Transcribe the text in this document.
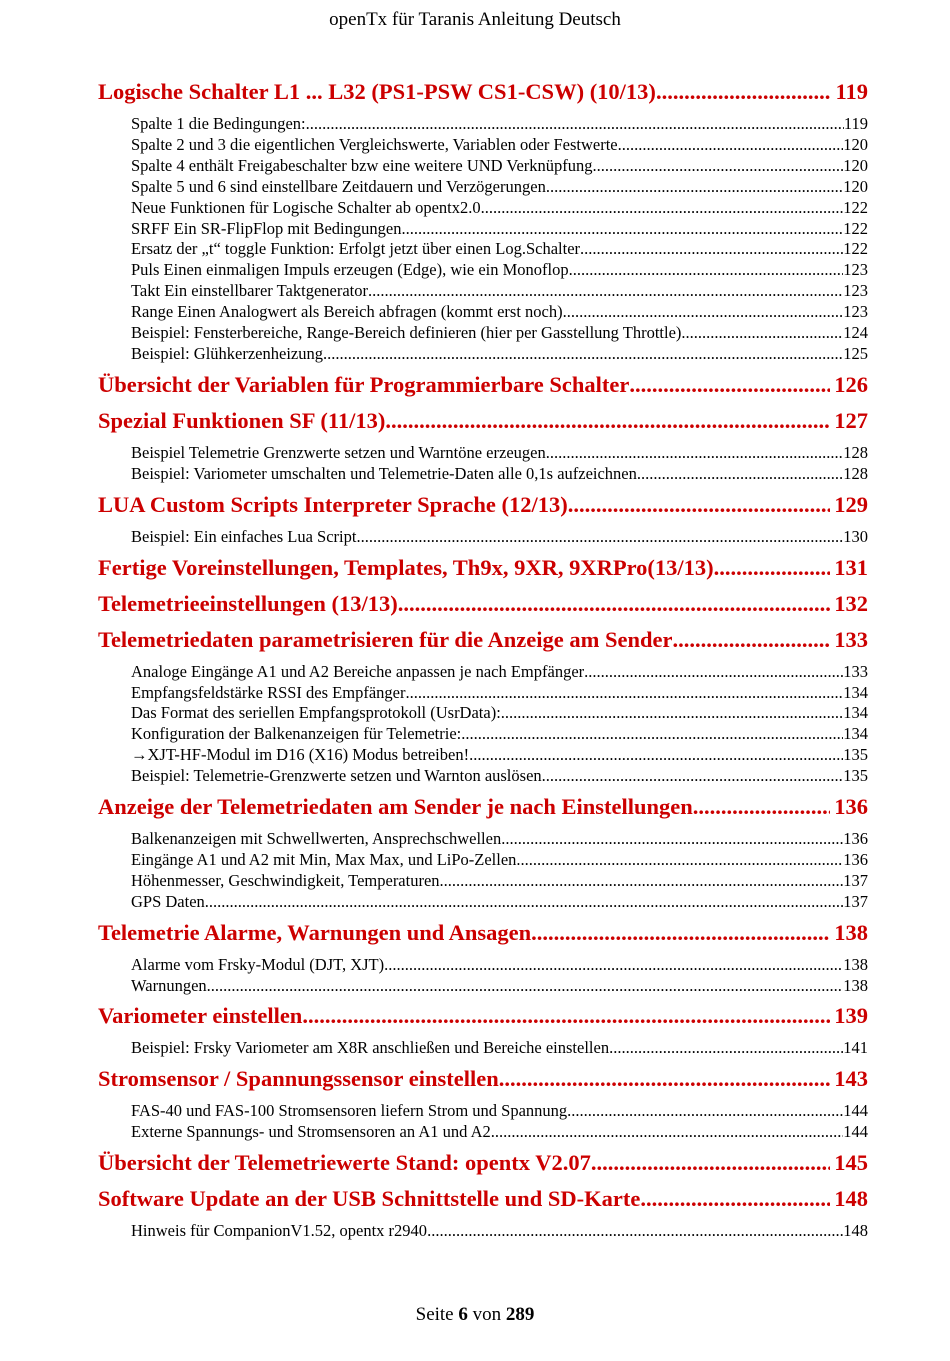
openTx für Taranis Anleitung Deutsch
Logische Schalter L1 ... L32 (PS1-PSW CS1-CSW) (10/13) .....	119
Spalte 1 die Bedingungen: .....	119
Spalte 2 und 3 die eigentlichen Vergleichswerte, Variablen oder Festwerte .....	120
Spalte 4 enthält Freigabeschalter bzw eine weitere UND Verknüpfung .....	120
Spalte 5 und 6 sind einstellbare Zeitdauern und Verzögerungen .....	120
Neue Funktionen für Logische Schalter ab opentx2.0 .....	122
SRFF Ein SR-FlipFlop mit Bedingungen .....	122
Ersatz der „t“ toggle Funktion: Erfolgt jetzt über einen Log.Schalter .....	122
Puls Einen einmaligen Impuls erzeugen (Edge), wie ein Monoflop .....	123
Takt Ein einstellbarer Taktgenerator .....	123
Range Einen Analogwert als Bereich abfragen (kommt erst noch) .....	123
Beispiel: Fensterbereiche, Range-Bereich definieren (hier per Gasstellung Throttle) .....	124
Beispiel: Glühkerzenheizung .....	125
Übersicht der Variablen für Programmierbare Schalter .....	126
Spezial Funktionen SF (11/13) .....	127
Beispiel Telemetrie Grenzwerte setzen und Warntöne erzeugen .....	128
Beispiel: Variometer umschalten und Telemetrie-Daten alle 0,1s aufzeichnen .....	128
LUA Custom Scripts Interpreter Sprache (12/13) .....	129
Beispiel: Ein einfaches Lua Script .....	130
Fertige Voreinstellungen, Templates, Th9x, 9XR, 9XRPro(13/13) .....	131
Telemetrieeinstellungen (13/13) .....	132
Telemetriedaten parametrisieren für die Anzeige am Sender .....	133
Analoge Eingänge A1 und A2 Bereiche anpassen je nach Empfänger .....	133
Empfangsfeldstärke RSSI des Empfänger .....	134
Das Format des seriellen Empfangsprotokoll (UsrData): .....	134
Konfiguration der Balkenanzeigen für Telemetrie: .....	134
→XJT-HF-Modul im D16 (X16) Modus betreiben! .....	135
Beispiel: Telemetrie-Grenzwerte setzen und Warnton auslösen .....	135
Anzeige der Telemetriedaten am Sender je nach Einstellungen .....	136
Balkenanzeigen mit Schwellwerten, Ansprechschwellen .....	136
Eingänge A1 und A2 mit Min, Max Max, und LiPo-Zellen .....	136
Höhenmesser, Geschwindigkeit, Temperaturen .....	137
GPS Daten .....	137
Telemetrie Alarme, Warnungen und Ansagen .....	138
Alarme vom Frsky-Modul (DJT, XJT) .....	138
Warnungen .....	138
Variometer einstellen .....	139
Beispiel: Frsky Variometer am X8R anschließen und Bereiche einstellen .....	141
Stromsensor / Spannungssensor einstellen .....	143
FAS-40 und FAS-100 Stromsensoren liefern Strom und Spannung .....	144
Externe Spannungs- und Stromsensoren an A1 und A2 .....	144
Übersicht der Telemetriewerte Stand: opentx V2.07 .....	145
Software Update an der USB Schnittstelle und SD-Karte .....	148
Hinweis für CompanionV1.52, opentx r2940 .....	148
Seite 6 von 289
